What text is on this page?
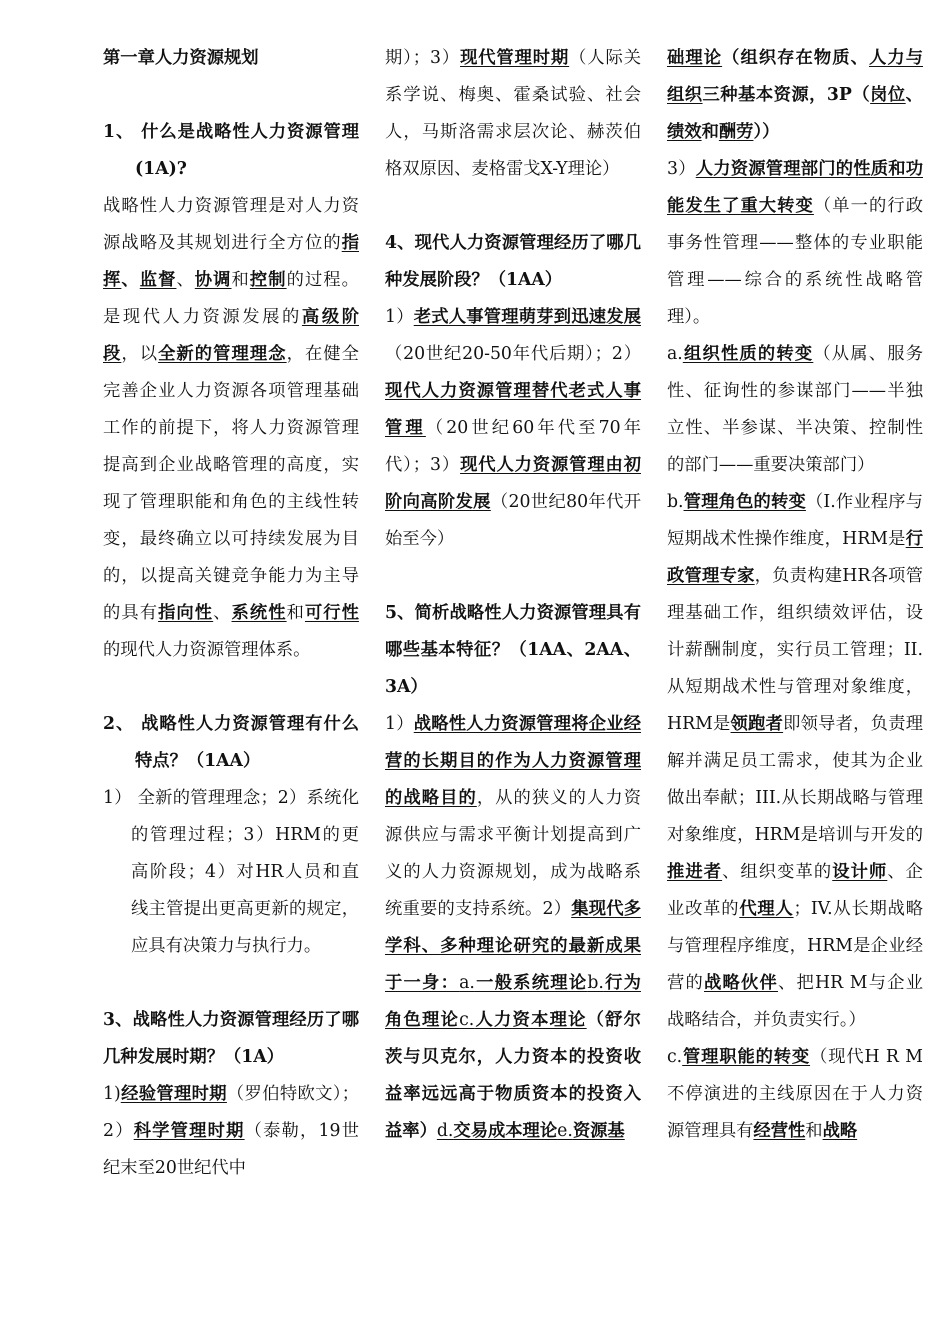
第一章人力资源规划

1、 什么是战略性人力资源管理(1A)?

战略性人力资源管理是对人力资源战略及其规划进行全方位的指挥、监督、协调和控制的过程。是现代人力资源发展的高级阶段，以全新的管理理念，在健全完善企业人力资源各项管理基础工作的前提下，将人力资源管理提高到企业战略管理的高度，实现了管理职能和角色的主线性转变，最终确立以可持续发展为目的，以提高关键竞争能力为主导的具有指向性、系统性和可行性的现代人力资源管理体系。

2、 战略性人力资源管理有什么特点？（1AA）

1） 全新的管理理念；2）系统化的管理过程；3）HRM的更高阶段；4）对HR人员和直线主管提出更高更新的规定，应具有决策力与执行力。

3、战略性人力资源管理经历了哪几种发展时期？（1A）

1)经验管理时期（罗伯特欧文）；2）科学管理时期（泰勒，19世纪末至20世纪代中

期）；3）现代管理时期（人际关系学说、梅奥、霍桑试验、社会人，马斯洛需求层次论、赫茨伯格双原因、麦格雷戈X-Y理论）

4、现代人力资源管理经历了哪几种发展阶段？（1AA）

1）老式人事管理萌芽到迅速发展（20世纪20-50年代后期）；2）现代人力资源管理替代老式人事管理（20世纪60年代至70年代）；3）现代人力资源管理由初阶向高阶发展（20世纪80年代开始至今）

5、简析战略性人力资源管理具有哪些基本特征？（1AA、2AA、3A）

1）战略性人力资源管理将企业经营的长期目的作为人力资源管理的战略目的，从的狭义的人力资源供应与需求平衡计划提高到广义的人力资源规划，成为战略系统重要的支持系统。2）集现代多学科、多种理论研究的最新成果于一身：a.一般系统理论b.行为角色理论c.人力资本理论（舒尔茨与贝克尔，人力资本的投资收益率远远高于物质资本的投资入益率）d.交易成本理论e.资源基

础理论（组织存在物质、人力与组织三种基本资源，3P（岗位、绩效和酬劳））

3）人力资源管理部门的性质和功能发生了重大转变（单一的行政事务性管理——整体的专业职能管理——综合的系统性战略管理）。

a.组织性质的转变（从属、服务性、征询性的参谋部门——半独立性、半参谋、半决策、控制性的部门——重要决策部门）

b.管理角色的转变（I.作业程序与短期战术性操作维度，HRM是行政管理专家，负责构建HR各项管理基础工作，组织绩效评估，设计薪酬制度，实行员工管理；II.从短期战术性与管理对象维度，HRM是领跑者即领导者，负责理解并满足员工需求，使其为企业做出奉献；III.从长期战略与管理对象维度，HRM是培训与开发的推进者、组织变革的设计师、企业改革的代理人；IV.从长期战略与管理程序维度，HRM是企业经营的战略伙伴、把HR M与企业战略结合，并负责实行。）

c.管理职能的转变（现代H R M不停演进的主线原因在于人力资源管理具有经营性和战略
